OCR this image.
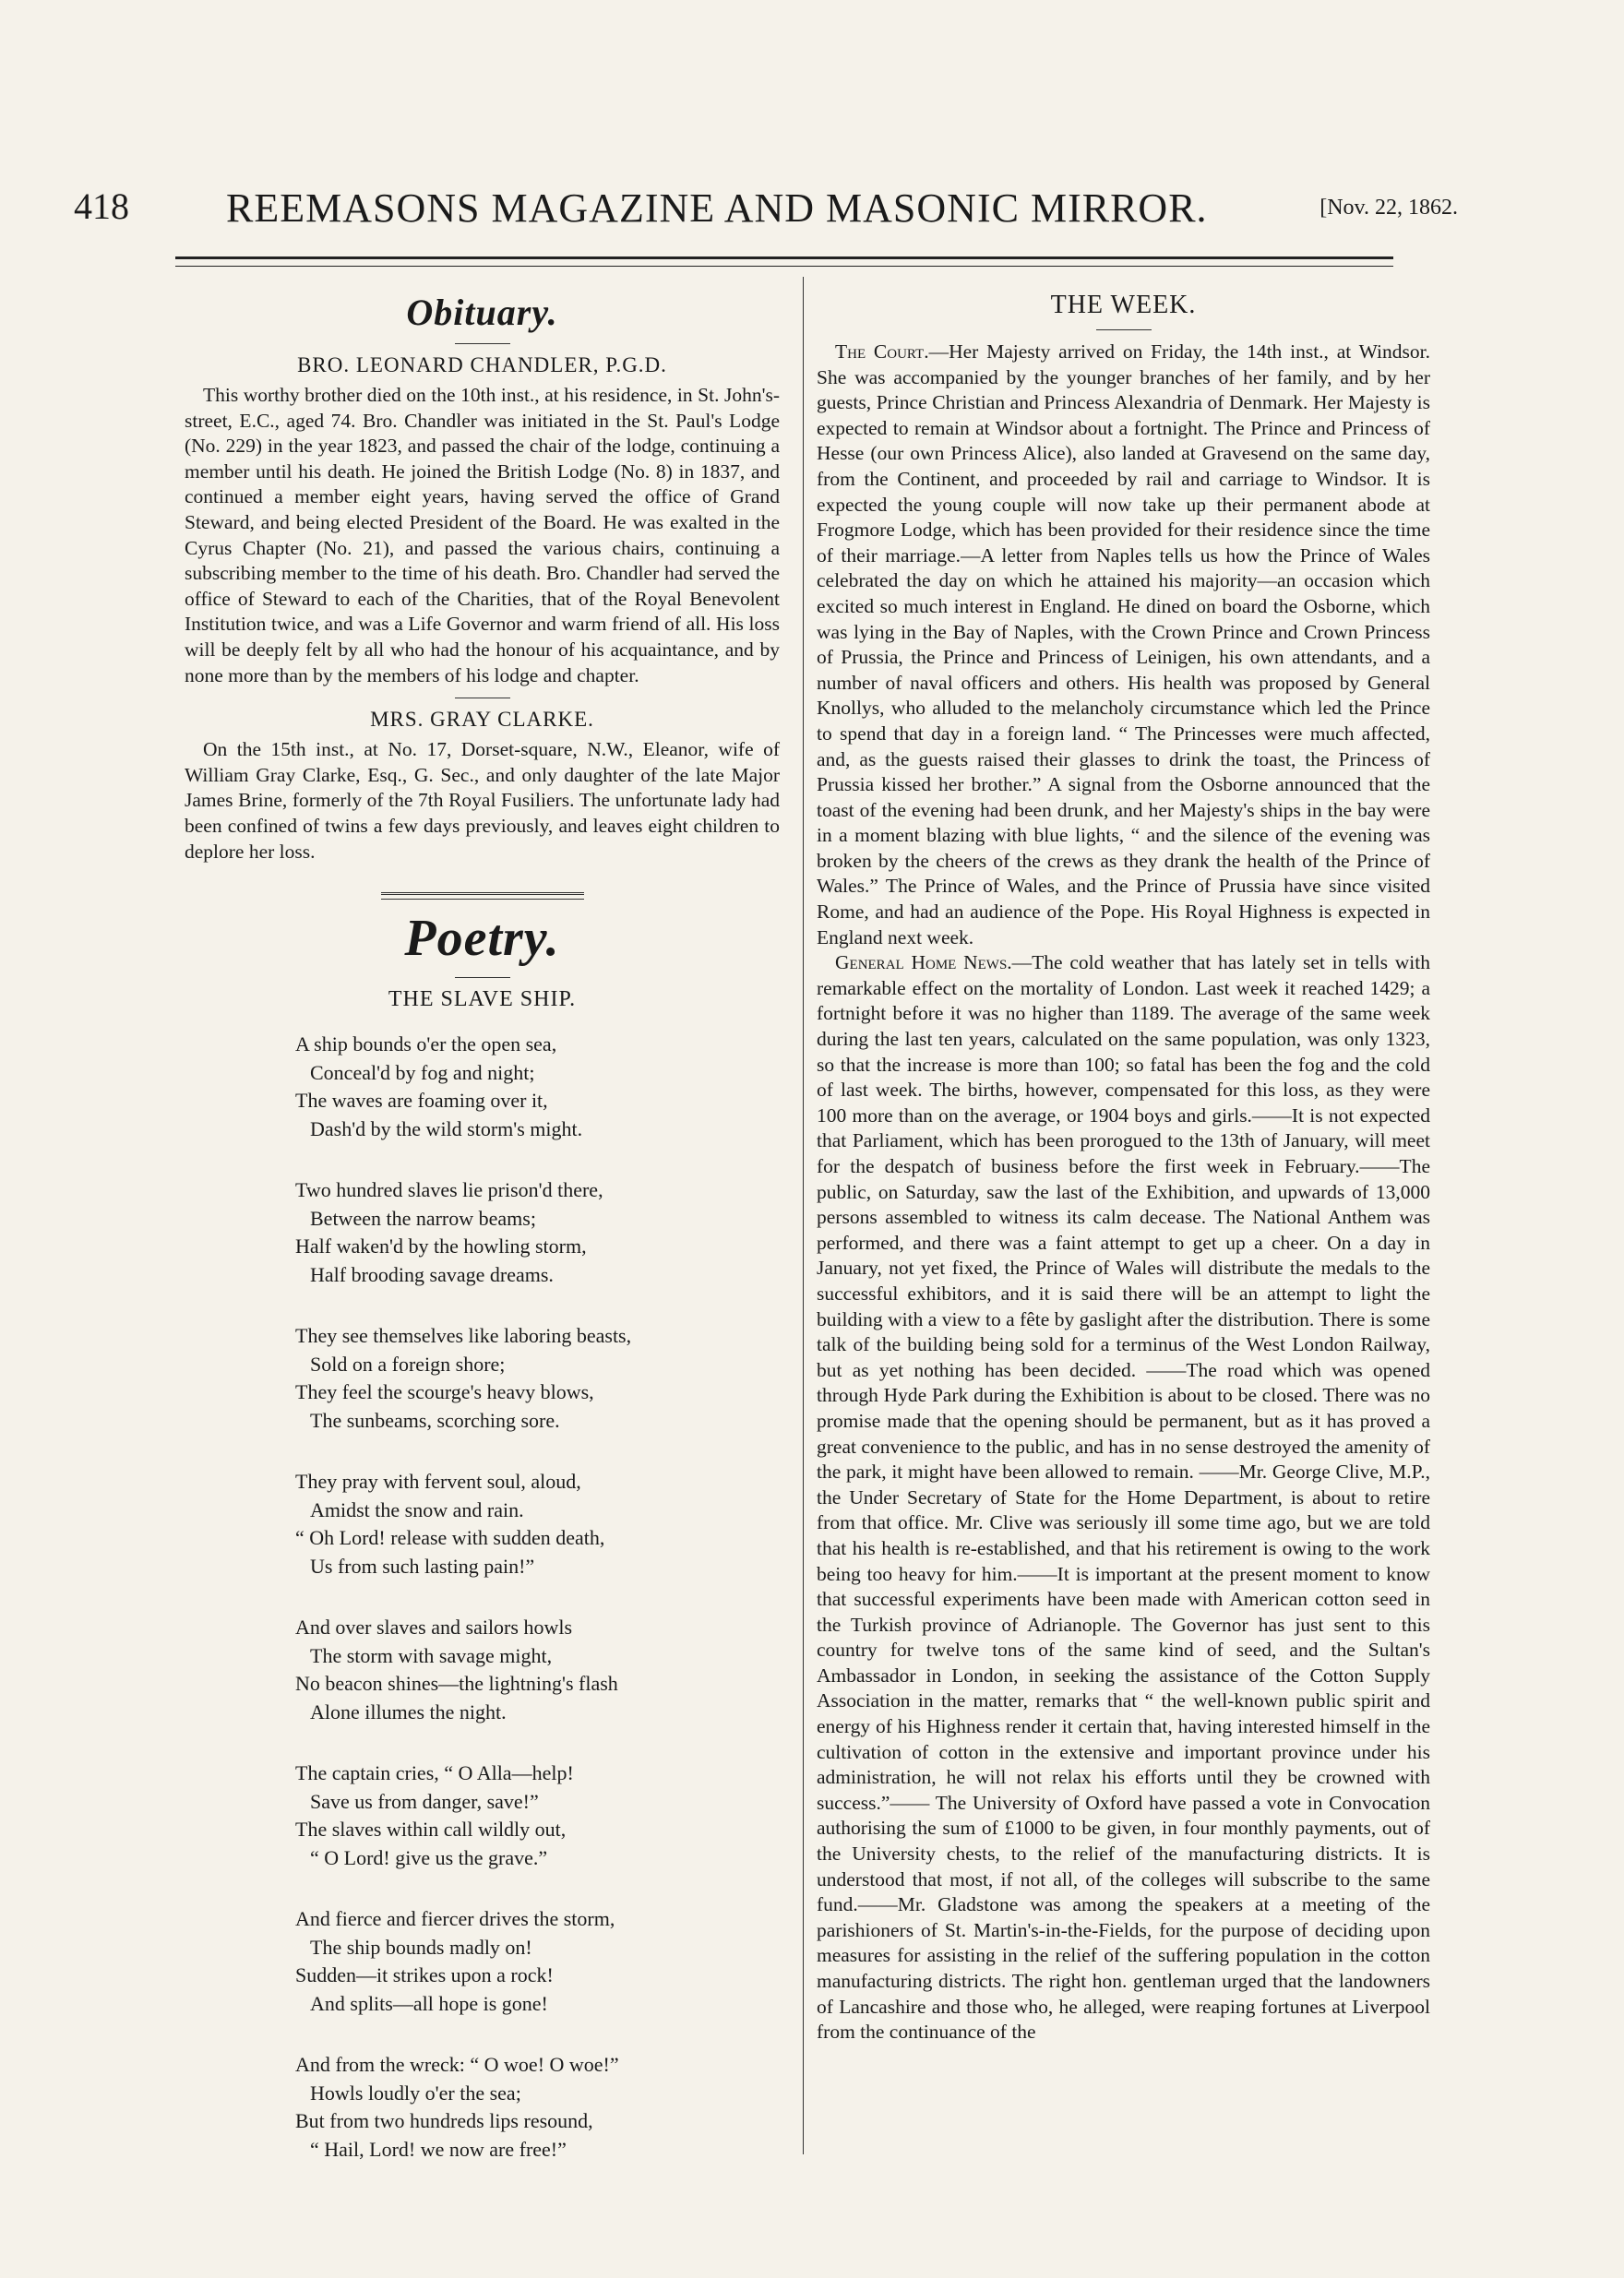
418 REEMASONS MAGAZINE AND MASONIC MIRROR.	[Nov. 22, 1862.
Obituary.
BRO. LEONARD CHANDLER, P.G.D.

This worthy brother died on the 10th inst., at his residence, in St. John's-street, E.C., aged 74. Bro. Chandler was initiated in the St. Paul's Lodge (No. 229) in the year 1823, and passed the chair of the lodge, continuing a member until his death. He joined the British Lodge (No. 8) in 1837, and continued a member eight years, having served the office of Grand Steward, and being elected President of the Board. He was exalted in the Cyrus Chapter (No. 21), and passed the various chairs, continuing a subscribing member to the time of his death. Bro. Chandler had served the office of Steward to each of the Charities, that of the Royal Benevolent Institution twice, and was a Life Governor and warm friend of all. His loss will be deeply felt by all who had the honour of his acquaintance, and by none more than by the members of his lodge and chapter.

MRS. GRAY CLARKE.

On the 15th inst., at No. 17, Dorset-square, N.W., Eleanor, wife of William Gray Clarke, Esq., G. Sec., and only daughter of the late Major James Brine, formerly of the 7th Royal Fusiliers. The unfortunate lady had been confined of twins a few days previously, and leaves eight children to deplore her loss.

Poetry.
THE SLAVE SHIP.
A ship bounds o'er the open sea,
Conceal'd by fog and night;
The waves are foaming over it,
Dash'd by the wild storm's might.
Two hundred slaves lie prison'd there,
Between the narrow beams;
Half waken'd by the howling storm,
Half brooding savage dreams.
They see themselves like laboring beasts,
Sold on a foreign shore;
They feel the scourge's heavy blows,
The sunbeams, scorching sore.
They pray with fervent soul, aloud,
Amidst the snow and rain.
“ Oh Lord! release with sudden death,
Us from such lasting pain!”
And over slaves and sailors howls
The storm with savage might,
No beacon shines—the lightning's flash
Alone illumes the night.
The captain cries, “ O Alla—help!
Save us from danger, save!”
The slaves within call wildly out,
“ O Lord! give us the grave.”
And fierce and fiercer drives the storm,
The ship bounds madly on!
Sudden—it strikes upon a rock!
And splits—all hope is gone!
And from the wreck: “ O woe! O woe!”
Howls loudly o'er the sea;
But from two hundreds lips resound,
“ Hail, Lord! we now are free!”
THE WEEK.

The Court.—Her Majesty arrived on Friday, the 14th inst., at Windsor. She was accompanied by the younger branches of her family, and by her guests, Prince Christian and Princess Alexandria of Denmark. Her Majesty is expected to remain at Windsor about a fortnight. The Prince and Princess of Hesse (our own Princess Alice), also landed at Gravesend on the same day, from the Continent, and proceeded by rail and carriage to Windsor. It is expected the young couple will now take up their permanent abode at Frogmore Lodge, which has been provided for their residence since the time of their marriage.—A letter from Naples tells us how the Prince of Wales celebrated the day on which he attained his majority—an occasion which excited so much interest in England. He dined on board the Osborne, which was lying in the Bay of Naples, with the Crown Prince and Crown Princess of Prussia, the Prince and Princess of Leinigen, his own attendants, and a number of naval officers and others. His health was proposed by General Knollys, who alluded to the melancholy circumstance which led the Prince to spend that day in a foreign land. “ The Princesses were much affected, and, as the guests raised their glasses to drink the toast, the Princess of Prussia kissed her brother.” A signal from the Osborne announced that the toast of the evening had been drunk, and her Majesty's ships in the bay were in a moment blazing with blue lights, “ and the silence of the evening was broken by the cheers of the crews as they drank the health of the Prince of Wales.” The Prince of Wales, and the Prince of Prussia have since visited Rome, and had an audience of the Pope. His Royal Highness is expected in England next week.

General Home News.—The cold weather that has lately set in tells with remarkable effect on the mortality of London. Last week it reached 1429; a fortnight before it was no higher than 1189. The average of the same week during the last ten years, calculated on the same population, was only 1323, so that the increase is more than 100; so fatal has been the fog and the cold of last week. The births, however, compensated for this loss, as they were 100 more than on the average, or 1904 boys and girls.——It is not expected that Parliament, which has been prorogued to the 13th of January, will meet for the despatch of business before the first week in February.——The public, on Saturday, saw the last of the Exhibition, and upwards of 13,000 persons assembled to witness its calm decease. The National Anthem was performed, and there was a faint attempt to get up a cheer. On a day in January, not yet fixed, the Prince of Wales will distribute the medals to the successful exhibitors, and it is said there will be an attempt to light the building with a view to a fête by gaslight after the distribution. There is some talk of the building being sold for a terminus of the West London Railway, but as yet nothing has been decided. ——The road which was opened through Hyde Park during the Exhibition is about to be closed. There was no promise made that the opening should be permanent, but as it has proved a great convenience to the public, and has in no sense destroyed the amenity of the park, it might have been allowed to remain. ——Mr. George Clive, M.P., the Under Secretary of State for the Home Department, is about to retire from that office. Mr. Clive was seriously ill some time ago, but we are told that his health is re-established, and that his retirement is owing to the work being too heavy for him.——It is important at the present moment to know that successful experiments have been made with American cotton seed in the Turkish province of Adrianople. The Governor has just sent to this country for twelve tons of the same kind of seed, and the Sultan's Ambassador in London, in seeking the assistance of the Cotton Supply Association in the matter, remarks that “ the well-known public spirit and energy of his Highness render it certain that, having interested himself in the cultivation of cotton in the extensive and important province under his administration, he will not relax his efforts until they be crowned with success.”—— The University of Oxford have passed a vote in Convocation authorising the sum of £1000 to be given, in four monthly payments, out of the University chests, to the relief of the manufacturing districts. It is understood that most, if not all, of the colleges will subscribe to the same fund.——Mr. Gladstone was among the speakers at a meeting of the parishioners of St. Martin's-in-the-Fields, for the purpose of deciding upon measures for assisting in the relief of the suffering population in the cotton manufacturing districts. The right hon. gentleman urged that the landowners of Lancashire and those who, he alleged, were reaping fortunes at Liverpool from the continuance of the
